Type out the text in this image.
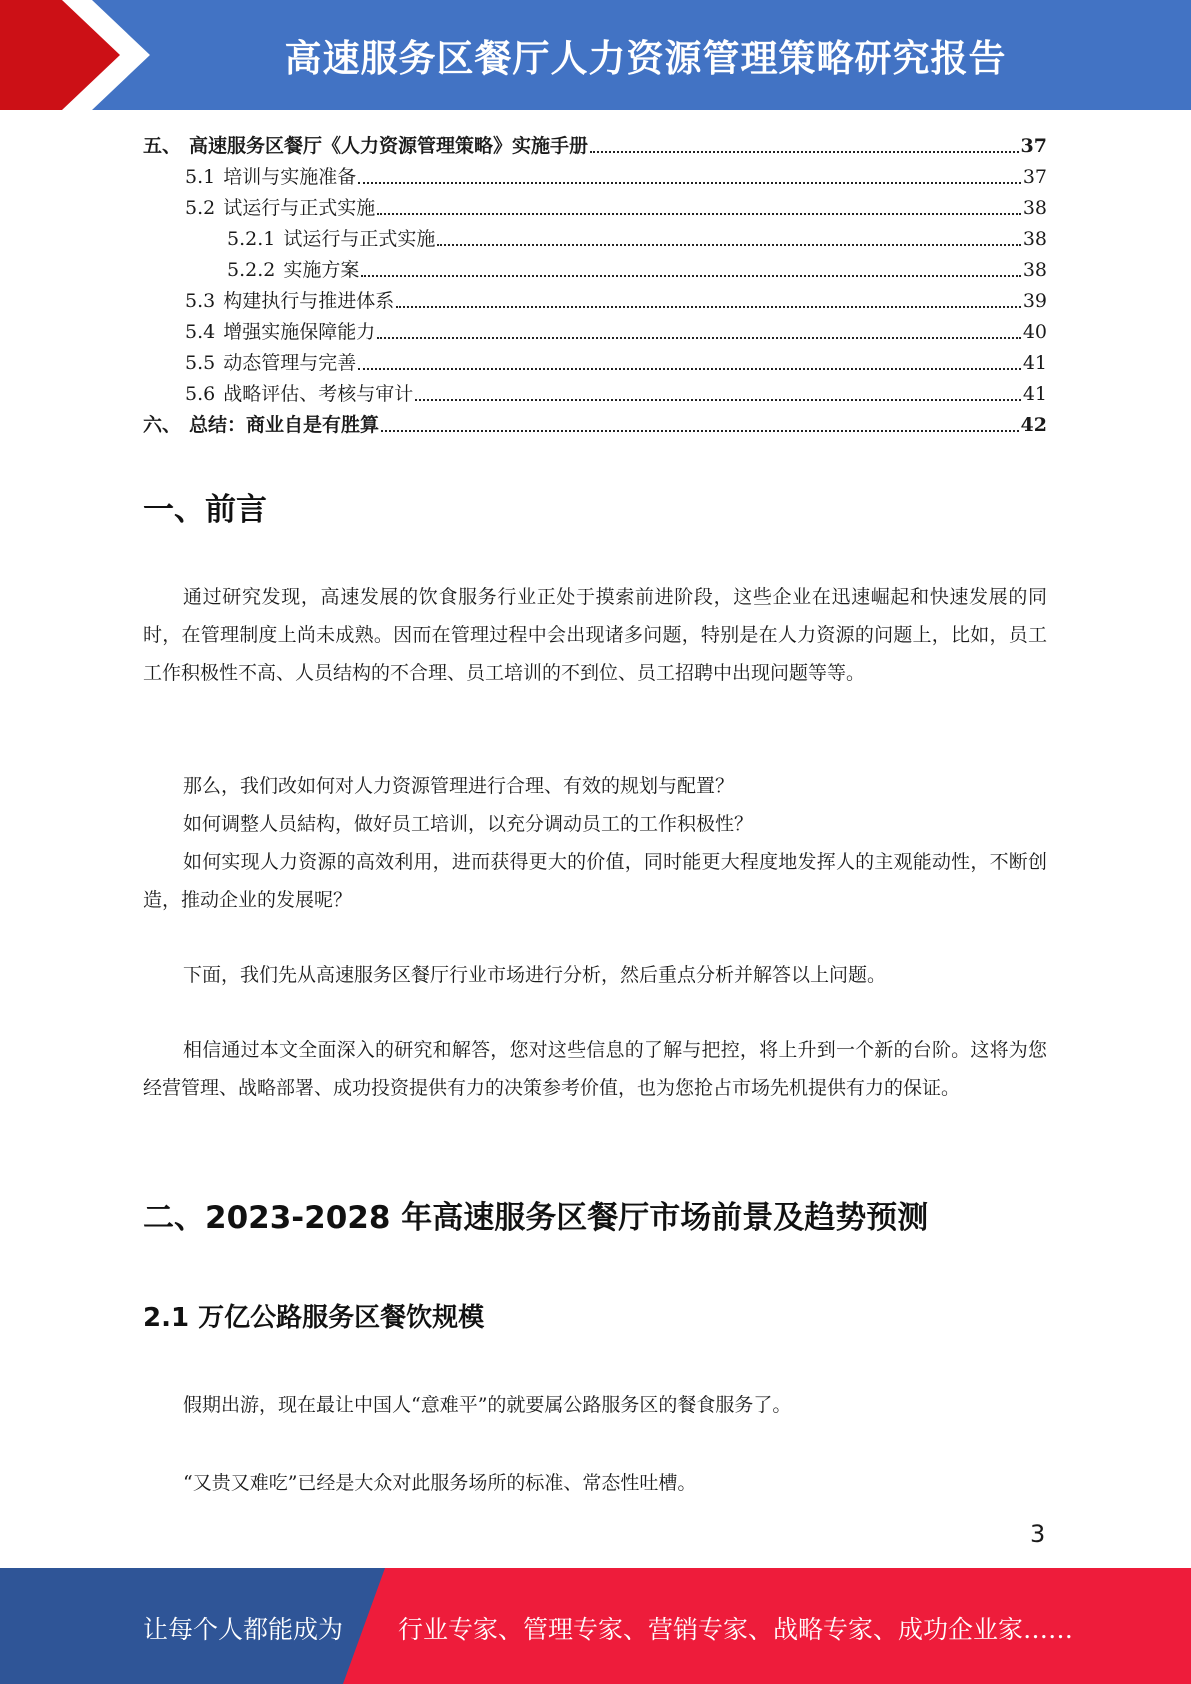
高速服务区餐厅人力资源管理策略研究报告
五、 高速服务区餐厅《人力资源管理策略》实施手册	37
5.1 培训与实施准备	37
5.2 试运行与正式实施	38
5.2.1 试运行与正式实施	38
5.2.2 实施方案	38
5.3 构建执行与推进体系	39
5.4 增强实施保障能力	40
5.5 动态管理与完善	41
5.6 战略评估、考核与审计	41
六、 总结：商业自是有胜算	42
一、前言

通过研究发现，高速发展的饮食服务行业正处于摸索前进阶段，这些企业在迅速崛起和快速发展的同时，在管理制度上尚未成熟。因而在管理过程中会出现诸多问题，特别是在人力资源的问题上，比如，员工工作积极性不高、人员结构的不合理、员工培训的不到位、员工招聘中出现问题等等。

那么，我们改如何对人力资源管理进行合理、有效的规划与配置？

如何调整人员結构，做好员工培训，以充分调动员工的工作积极性？

如何实现人力资源的高效利用，进而获得更大的价值，同时能更大程度地发挥人的主观能动性，不断创造，推动企业的发展呢？

下面，我们先从高速服务区餐厅行业市场进行分析，然后重点分析并解答以上问题。

相信通过本文全面深入的研究和解答，您对这些信息的了解与把控，将上升到一个新的台阶。这将为您经营管理、战略部署、成功投资提供有力的决策参考价值，也为您抢占市场先机提供有力的保证。

二、2023-2028 年高速服务区餐厅市场前景及趋势预测
2.1 万亿公路服务区餐饮规模

假期出游，现在最让中国人“意难平”的就要属公路服务区的餐食服务了。

“又贵又难吃”已经是大众对此服务场所的标准、常态性吐槽。

3
让每个人都能成为 行业专家、管理专家、营销专家、战略专家、成功企业家……
